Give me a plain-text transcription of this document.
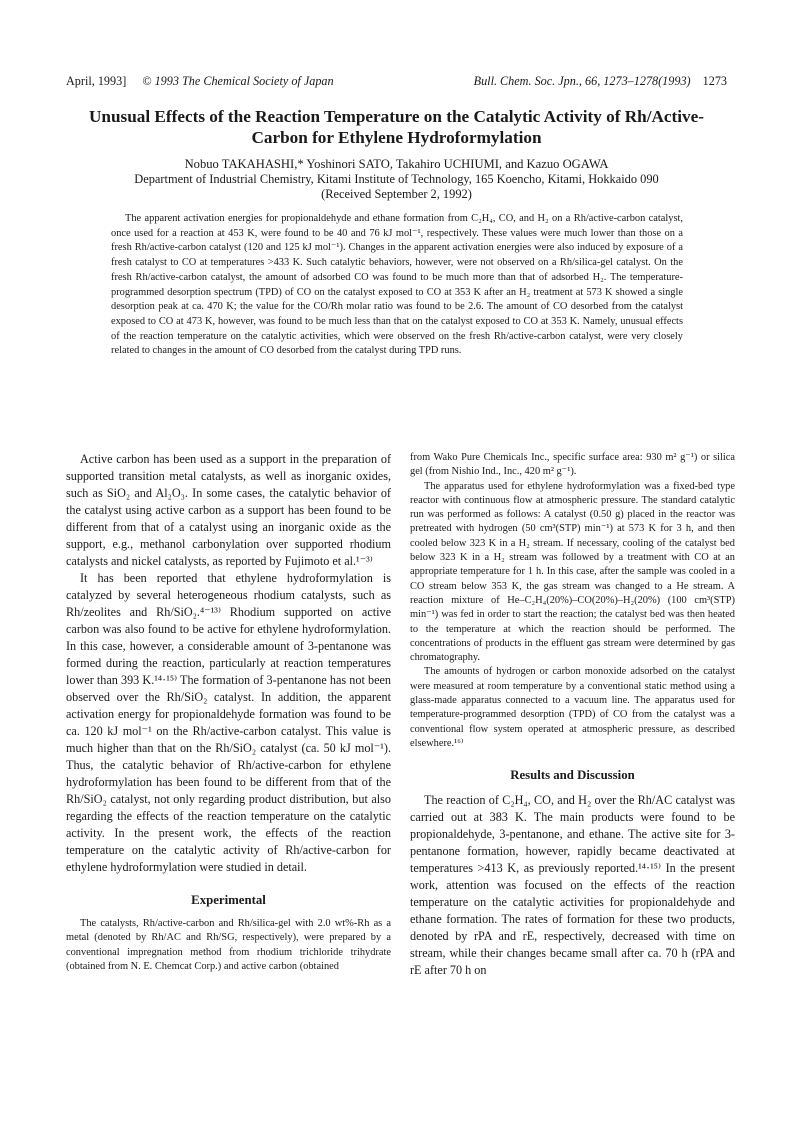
April, 1993] © 1993 The Chemical Society of Japan	Bull. Chem. Soc. Jpn., 66, 1273–1278(1993) 1273
Unusual Effects of the Reaction Temperature on the Catalytic Activity of Rh/Active-Carbon for Ethylene Hydroformylation
Nobuo TAKAHASHI,* Yoshinori SATO, Takahiro UCHIUMI, and Kazuo OGAWA
Department of Industrial Chemistry, Kitami Institute of Technology, 165 Koencho, Kitami, Hokkaido 090
(Received September 2, 1992)

The apparent activation energies for propionaldehyde and ethane formation from C₂H₄, CO, and H₂ on a Rh/active-carbon catalyst, once used for a reaction at 453 K, were found to be 40 and 76 kJ mol⁻¹, respectively. These values were much lower than those on a fresh Rh/active-carbon catalyst (120 and 125 kJ mol⁻¹). Changes in the apparent activation energies were also induced by exposure of a fresh catalyst to CO at temperatures >433 K. Such catalytic behaviors, however, were not observed on a Rh/silica-gel catalyst. On the fresh Rh/active-carbon catalyst, the amount of adsorbed CO was found to be much more than that of adsorbed H₂. The temperature-programmed desorption spectrum (TPD) of CO on the catalyst exposed to CO at 353 K after an H₂ treatment at 573 K showed a single desorption peak at ca. 470 K; the value for the CO/Rh molar ratio was found to be 2.6. The amount of CO desorbed from the catalyst exposed to CO at 473 K, however, was found to be much less than that on the catalyst exposed to CO at 353 K. Namely, unusual effects of the reaction temperature on the catalytic activities, which were observed on the fresh Rh/active-carbon catalyst, were very closely related to changes in the amount of CO desorbed from the catalyst during TPD runs.

Active carbon has been used as a support in the preparation of supported transition metal catalysts, as well as inorganic oxides, such as SiO₂ and Al₂O₃. In some cases, the catalytic behavior of the catalyst using active carbon as a support has been found to be different from that of a catalyst using an inorganic oxide as the support, e.g., methanol carbonylation over supported rhodium catalysts and nickel catalysts, as reported by Fujimoto et al.¹⁻³⁾

It has been reported that ethylene hydroformylation is catalyzed by several heterogeneous rhodium catalysts, such as Rh/zeolites and Rh/SiO₂.⁴⁻¹³⁾ Rhodium supported on active carbon was also found to be active for ethylene hydroformylation. In this case, however, a considerable amount of 3-pentanone was formed during the reaction, particularly at reaction temperatures lower than 393 K.¹⁴·¹⁵⁾ The formation of 3-pentanone has not been observed over the Rh/SiO₂ catalyst. In addition, the apparent activation energy for propionaldehyde formation was found to be ca. 120 kJ mol⁻¹ on the Rh/active-carbon catalyst. This value is much higher than that on the Rh/SiO₂ catalyst (ca. 50 kJ mol⁻¹). Thus, the catalytic behavior of Rh/active-carbon for ethylene hydroformylation has been found to be different from that of the Rh/SiO₂ catalyst, not only regarding product distribution, but also regarding the effects of the reaction temperature on the catalytic activity. In the present work, the effects of the reaction temperature on the catalytic activity of Rh/active-carbon for ethylene hydroformylation were studied in detail.

Experimental

The catalysts, Rh/active-carbon and Rh/silica-gel with 2.0 wt%-Rh as a metal (denoted by Rh/AC and Rh/SG, respectively), were prepared by a conventional impregnation method from rhodium trichloride trihydrate (obtained from N. E. Chemcat Corp.) and active carbon (obtained

from Wako Pure Chemicals Inc., specific surface area: 930 m² g⁻¹) or silica gel (from Nishio Ind., Inc., 420 m² g⁻¹).

The apparatus used for ethylene hydroformylation was a fixed-bed type reactor with continuous flow at atmospheric pressure. The standard catalytic run was performed as follows: A catalyst (0.50 g) placed in the reactor was pretreated with hydrogen (50 cm³(STP) min⁻¹) at 573 K for 3 h, and then cooled below 323 K in a H₂ stream. If necessary, cooling of the catalyst bed below 323 K in a H₂ stream was followed by a treatment with CO at an appropriate temperature for 1 h. In this case, after the sample was cooled in a CO stream below 353 K, the gas stream was changed to a He stream. A reaction mixture of He–C₂H₄(20%)–CO(20%)–H₂(20%) (100 cm³(STP) min⁻¹) was fed in order to start the reaction; the catalyst bed was then heated to the temperature at which the reaction should be performed. The concentrations of products in the effluent gas stream were determined by gas chromatography.

The amounts of hydrogen or carbon monoxide adsorbed on the catalyst were measured at room temperature by a conventional static method using a glass-made apparatus connected to a vacuum line. The apparatus used for temperature-programmed desorption (TPD) of CO from the catalyst was a conventional flow system operated at atmospheric pressure, as described elsewhere.¹⁶⁾

Results and Discussion

The reaction of C₂H₄, CO, and H₂ over the Rh/AC catalyst was carried out at 383 K. The main products were found to be propionaldehyde, 3-pentanone, and ethane. The active site for 3-pentanone formation, however, rapidly became deactivated at temperatures >413 K, as previously reported.¹⁴·¹⁵⁾ In the present work, attention was focused on the effects of the reaction temperature on the catalytic activities for propionaldehyde and ethane formation. The rates of formation for these two products, denoted by rPA and rE, respectively, decreased with time on stream, while their changes became small after ca. 70 h (rPA and rE after 70 h on
